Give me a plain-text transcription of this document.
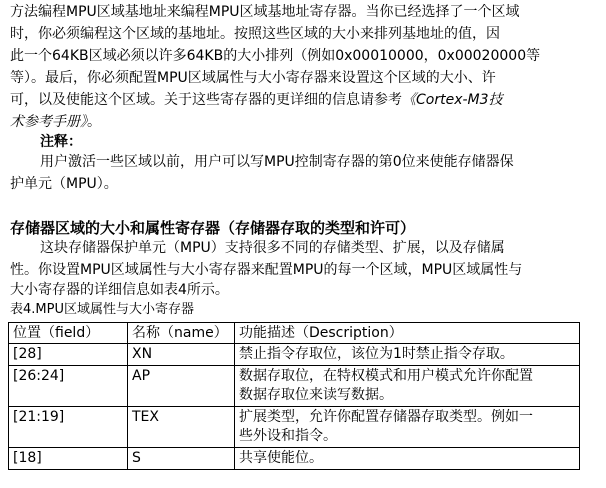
方法编程MPU区域基地址来编程MPU区域基地址寄存器。当你已经选择了一个区域
时，你必须编程这个区域的基地址。按照这些区域的大小来排列基地址的值，因
此一个64KB区域必须以许多64KB的大小排列（例如0x00010000，0x00020000等
等）。最后，你必须配置MPU区域属性与大小寄存器来设置这个区域的大小、许
可，以及使能这个区域。关于这些寄存器的更详细的信息请参考《Cortex-M3技
术参考手册》。
注释：
用户激活一些区域以前，用户可以写MPU控制寄存器的第0位来使能存储器保
护单元（MPU）。
存储器区域的大小和属性寄存器（存储器存取的类型和许可）
这块存储器保护单元（MPU）支持很多不同的存储类型、扩展，以及存储属
性。你设置MPU区域属性与大小寄存器来配置MPU的每一个区域，MPU区域属性与
大小寄存器的详细信息如表4所示。
表4.MPU区域属性与大小寄存器
位置（field）	名称（name）	功能描述（Description）
[28]	XN	禁止指令存取位，该位为1时禁止指令存取。
[26:24]	AP	数据存取位，在特权模式和用户模式允许你配置
数据存取位来读写数据。
[21:19]	TEX	扩展类型，允许你配置存储器存取类型。例如一
些外设和指令。
[18]	S	共享使能位。
